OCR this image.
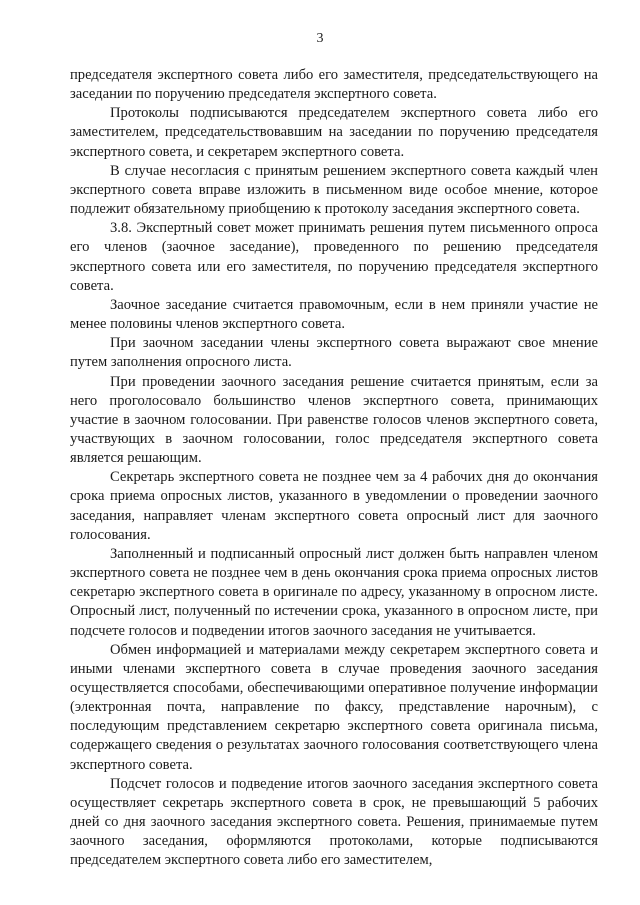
3

председателя экспертного совета либо его заместителя, председательствующего на заседании по поручению председателя экспертного совета.

Протоколы подписываются председателем экспертного совета либо его заместителем, председательствовавшим на заседании по поручению председателя экспертного совета, и секретарем экспертного совета.

В случае несогласия с принятым решением экспертного совета каждый член экспертного совета вправе изложить в письменном виде особое мнение, которое подлежит обязательному приобщению к протоколу заседания экспертного совета.

3.8. Экспертный совет может принимать решения путем письменного опроса его членов (заочное заседание), проведенного по решению председателя экспертного совета или его заместителя, по поручению председателя экспертного совета.

Заочное заседание считается правомочным, если в нем приняли участие не менее половины членов экспертного совета.

При заочном заседании члены экспертного совета выражают свое мнение путем заполнения опросного листа.

При проведении заочного заседания решение считается принятым, если за него проголосовало большинство членов экспертного совета, принимающих участие в заочном голосовании. При равенстве голосов членов экспертного совета, участвующих в заочном голосовании, голос председателя экспертного совета является решающим.

Секретарь экспертного совета не позднее чем за 4 рабочих дня до окончания срока приема опросных листов, указанного в уведомлении о проведении заочного заседания, направляет членам экспертного совета опросный лист для заочного голосования.

Заполненный и подписанный опросный лист должен быть направлен членом экспертного совета не позднее чем в день окончания срока приема опросных листов секретарю экспертного совета в оригинале по адресу, указанному в опросном листе. Опросный лист, полученный по истечении срока, указанного в опросном листе, при подсчете голосов и подведении итогов заочного заседания не учитывается.

Обмен информацией и материалами между секретарем экспертного совета и иными членами экспертного совета в случае проведения заочного заседания осуществляется способами, обеспечивающими оперативное получение информации (электронная почта, направление по факсу, представление нарочным), с последующим представлением секретарю экспертного совета оригинала письма, содержащего сведения о результатах заочного голосования соответствующего члена экспертного совета.

Подсчет голосов и подведение итогов заочного заседания экспертного совета осуществляет секретарь экспертного совета в срок, не превышающий 5 рабочих дней со дня заочного заседания экспертного совета. Решения, принимаемые путем заочного заседания, оформляются протоколами, которые подписываются председателем экспертного совета либо его заместителем,
